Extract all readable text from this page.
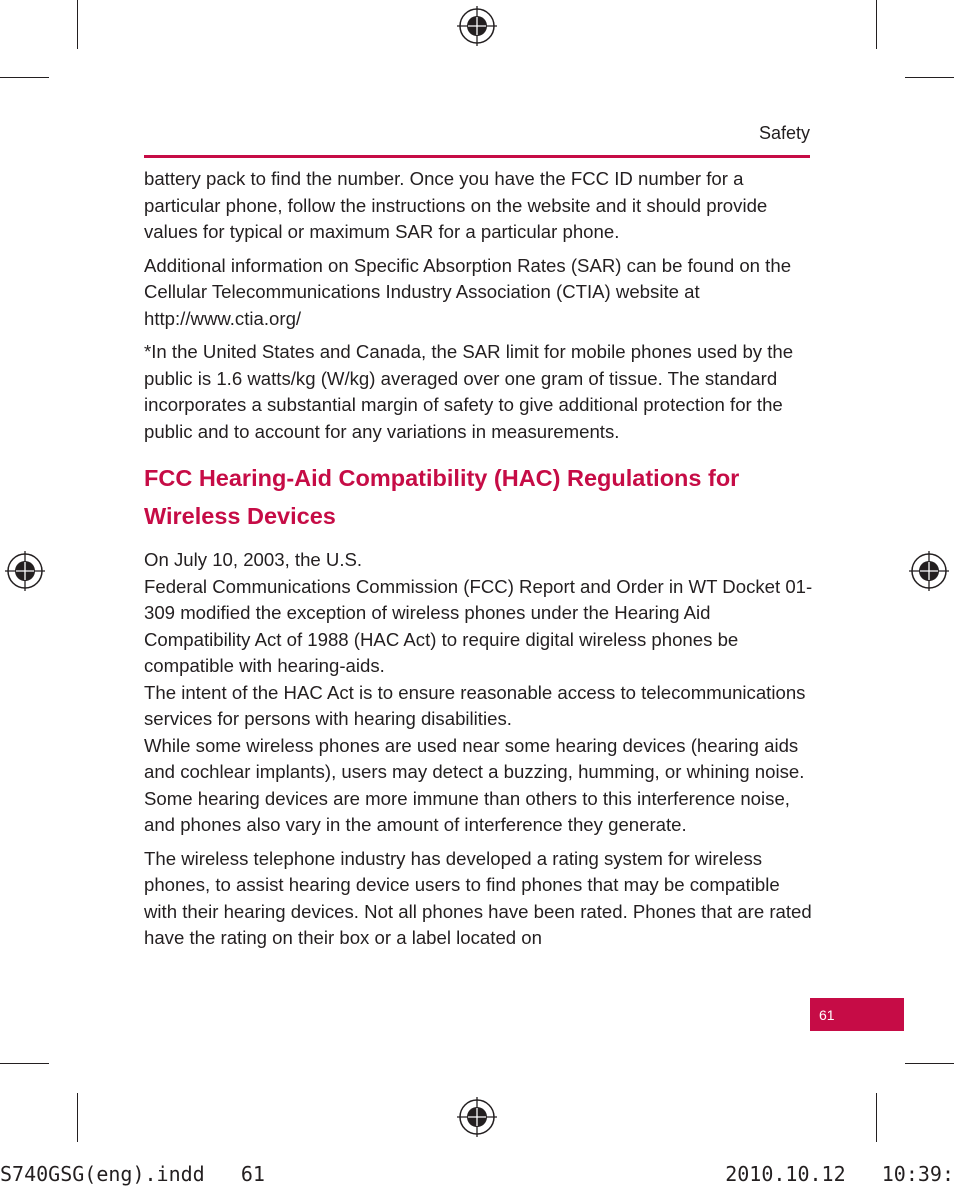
Safety

battery pack to find the number. Once you have the FCC ID number for a particular phone, follow the instructions on the website and it should provide values for typical or maximum SAR for a particular phone.

Additional information on Specific Absorption Rates (SAR) can be found on the Cellular Telecommunications Industry Association (CTIA) website at http://www.ctia.org/

*In the United States and Canada, the SAR limit for mobile phones used by the public is 1.6 watts/kg (W/kg) averaged over one gram of tissue. The standard incorporates a substantial margin of safety to give additional protection for the public and to account for any variations in measurements.

FCC Hearing-Aid Compatibility (HAC) Regulations for Wireless Devices

On July 10, 2003, the U.S.

Federal Communications Commission (FCC) Report and Order in WT Docket 01-309 modified the exception of wireless phones under the Hearing Aid Compatibility Act of 1988 (HAC Act) to require digital wireless phones be compatible with hearing-aids.

The intent of the HAC Act is to ensure reasonable access to telecommunications services for persons with hearing disabilities.

While some wireless phones are used near some hearing devices (hearing aids and cochlear implants), users may detect a buzzing, humming, or whining noise. Some hearing devices are more immune than others to this interference noise, and phones also vary in the amount of interference they generate.

The wireless telephone industry has developed a rating system for wireless phones, to assist hearing device users to find phones that may be compatible with their hearing devices. Not all phones have been rated. Phones that are rated have the rating on their box or a label located on

61
S740GSG(eng).indd   61	2010.10.12   10:39:
